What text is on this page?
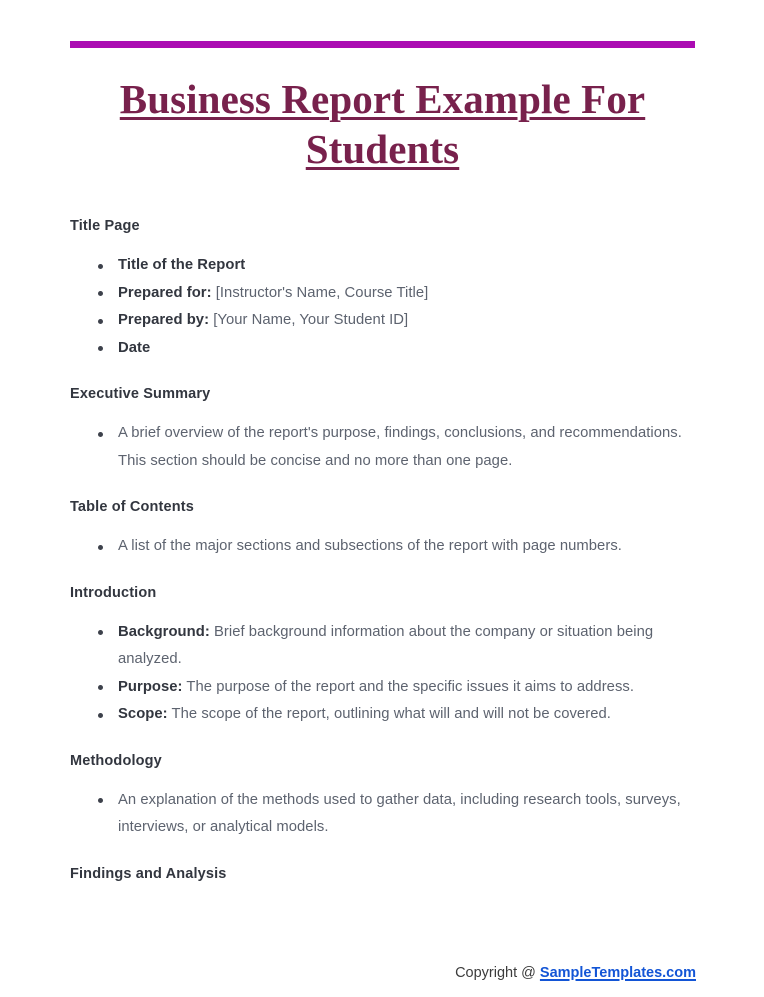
Business Report Example For
Students
Title Page
Title of the Report
Prepared for: [Instructor's Name, Course Title]
Prepared by: [Your Name, Your Student ID]
Date
Executive Summary
A brief overview of the report's purpose, findings, conclusions, and recommendations. This section should be concise and no more than one page.
Table of Contents
A list of the major sections and subsections of the report with page numbers.
Introduction
Background: Brief background information about the company or situation being analyzed.
Purpose: The purpose of the report and the specific issues it aims to address.
Scope: The scope of the report, outlining what will and will not be covered.
Methodology
An explanation of the methods used to gather data, including research tools, surveys, interviews, or analytical models.
Findings and Analysis
Copyright @ SampleTemplates.com
